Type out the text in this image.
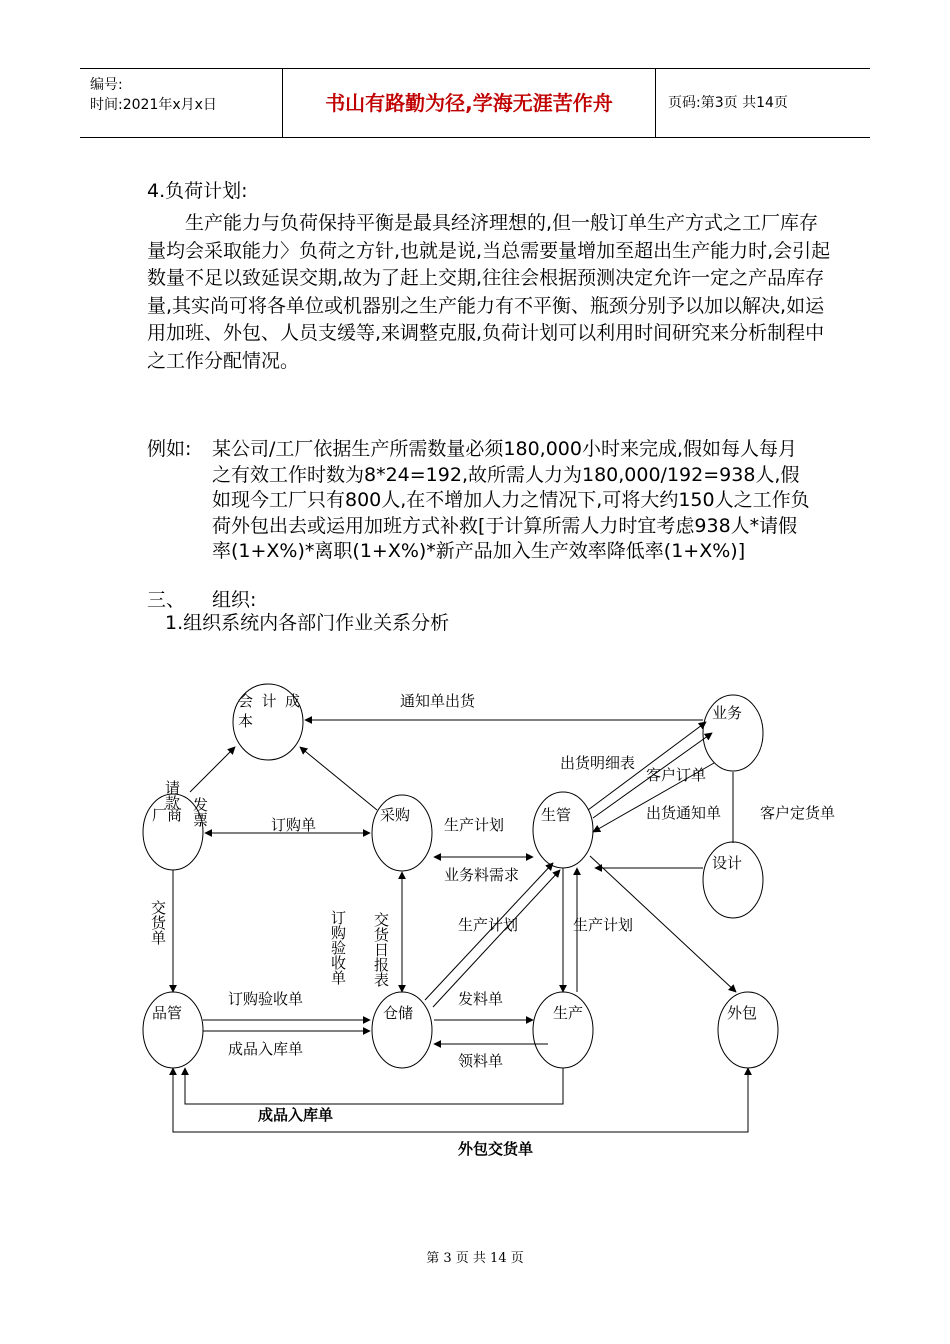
编号:
时间:2021年x月x日	书山有路勤为径,学海无涯苦作舟	页码:第3页 共14页
4.负荷计划:

生产能力与负荷保持平衡是最具经济理想的,但一般订单生产方式之工厂库存量均会采取能力〉负荷之方针,也就是说,当总需要量增加至超出生产能力时,会引起数量不足以致延误交期,故为了赶上交期,往往会根据预测决定允许一定之产品库存量,其实尚可将各单位或机器别之生产能力有不平衡、瓶颈分别予以加以解决,如运用加班、外包、人员支缓等,来调整克服,负荷计划可以利用时间研究来分析制程中之工作分配情况。

例如: 某公司/工厂依据生产所需数量必须180,000小时来完成,假如每人每月之有效工作时数为8*24=192,故所需人力为180,000/192=938人,假如现今工厂只有800人,在不增加人力之情况下,可将大约150人之工作负荷外包出去或运用加班方式补救[于计算所需人力时宜考虑938人*请假率(1+X%)*离职(1+X%)*新产品加入生产效率降低率(1+X%)]

三、 组织:
1.组织系统内各部门作业关系分析
会计成
本	业务
厂商	采购	生管
设计
品管	仓储	生产	外包
通知单出货
出货明细表
客户订单
出货通知单	客户定货单
请款
发票	订购单	生产计划
业务料需求
交货单	订购验收单 交货日报表	生产计划	生产计划
订购验收单
成品入库单
发料单
领料单
成品入库单
外包交货单
第 3 页 共 14 页
